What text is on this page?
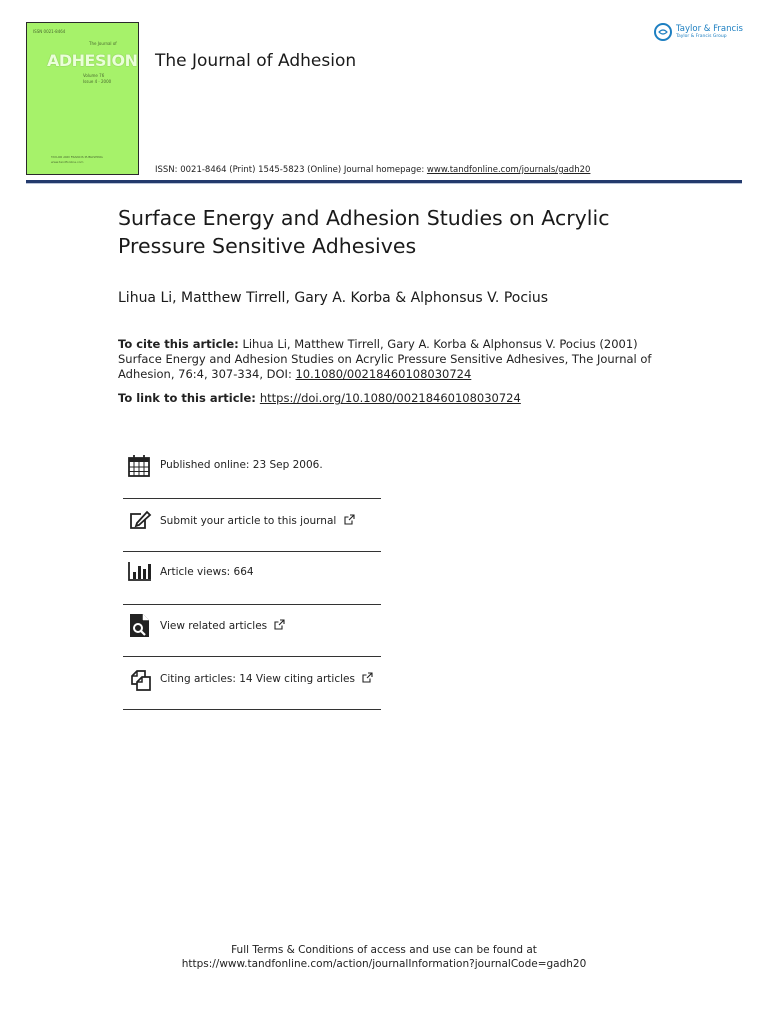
ISSN 0021-8464
The Journal of
ADHESION
Volume 76
Issue 4 · 2000
TAYLOR AND FRANCIS PUBLISHING
www.tandfonline.com
The Journal of Adhesion
Taylor & Francis
Taylor & Francis Group
ISSN: 0021-8464 (Print) 1545-5823 (Online) Journal homepage: www.tandfonline.com/journals/gadh20
Surface Energy and Adhesion Studies on Acrylic Pressure Sensitive Adhesives
Lihua Li, Matthew Tirrell, Gary A. Korba & Alphonsus V. Pocius
To cite this article: Lihua Li, Matthew Tirrell, Gary A. Korba & Alphonsus V. Pocius (2001) Surface Energy and Adhesion Studies on Acrylic Pressure Sensitive Adhesives, The Journal of Adhesion, 76:4, 307-334, DOI: 10.1080/00218460108030724
To link to this article: https://doi.org/10.1080/00218460108030724
Published online: 23 Sep 2006.
Submit your article to this journal
Article views: 664
View related articles
Citing articles: 14 View citing articles
Full Terms & Conditions of access and use can be found at
https://www.tandfonline.com/action/journalInformation?journalCode=gadh20
